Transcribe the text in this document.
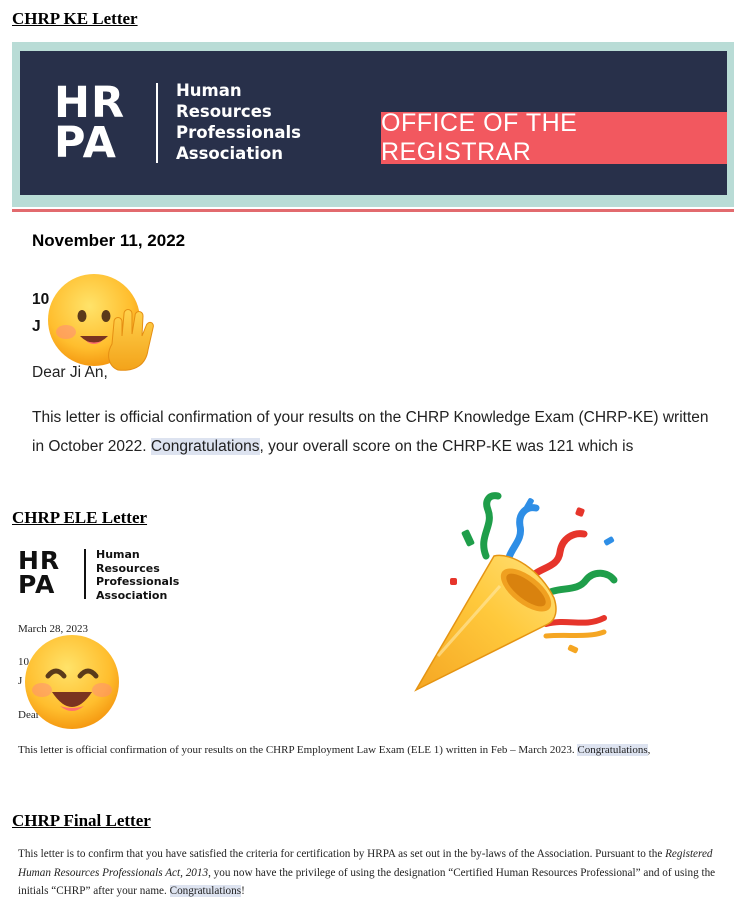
CHRP KE Letter
CHRP ELE Letter
CHRP Final Letter
HR
PA
Human
Resources
Professionals
Association
OFFICE OF THE REGISTRAR
November 11, 2022
10
J
Dear Ji An,
This letter is official confirmation of your results on the CHRP Knowledge Exam (CHRP-KE) written in October 2022. Congratulations, your overall score on the CHRP-KE was 121 which is
HR
PA
Human
Resources
Professionals
Association
March 28, 2023
10
J
Dear
This letter is official confirmation of your results on the CHRP Employment Law Exam (ELE 1) written in Feb – March 2023. Congratulations,
This letter is to confirm that you have satisfied the criteria for certification by HRPA as set out in the by-laws of the Association. Pursuant to the Registered Human Resources Professionals Act, 2013, you now have the privilege of using the designation “Certified Human Resources Professional” and of using the initials “CHRP” after your name. Congratulations!
